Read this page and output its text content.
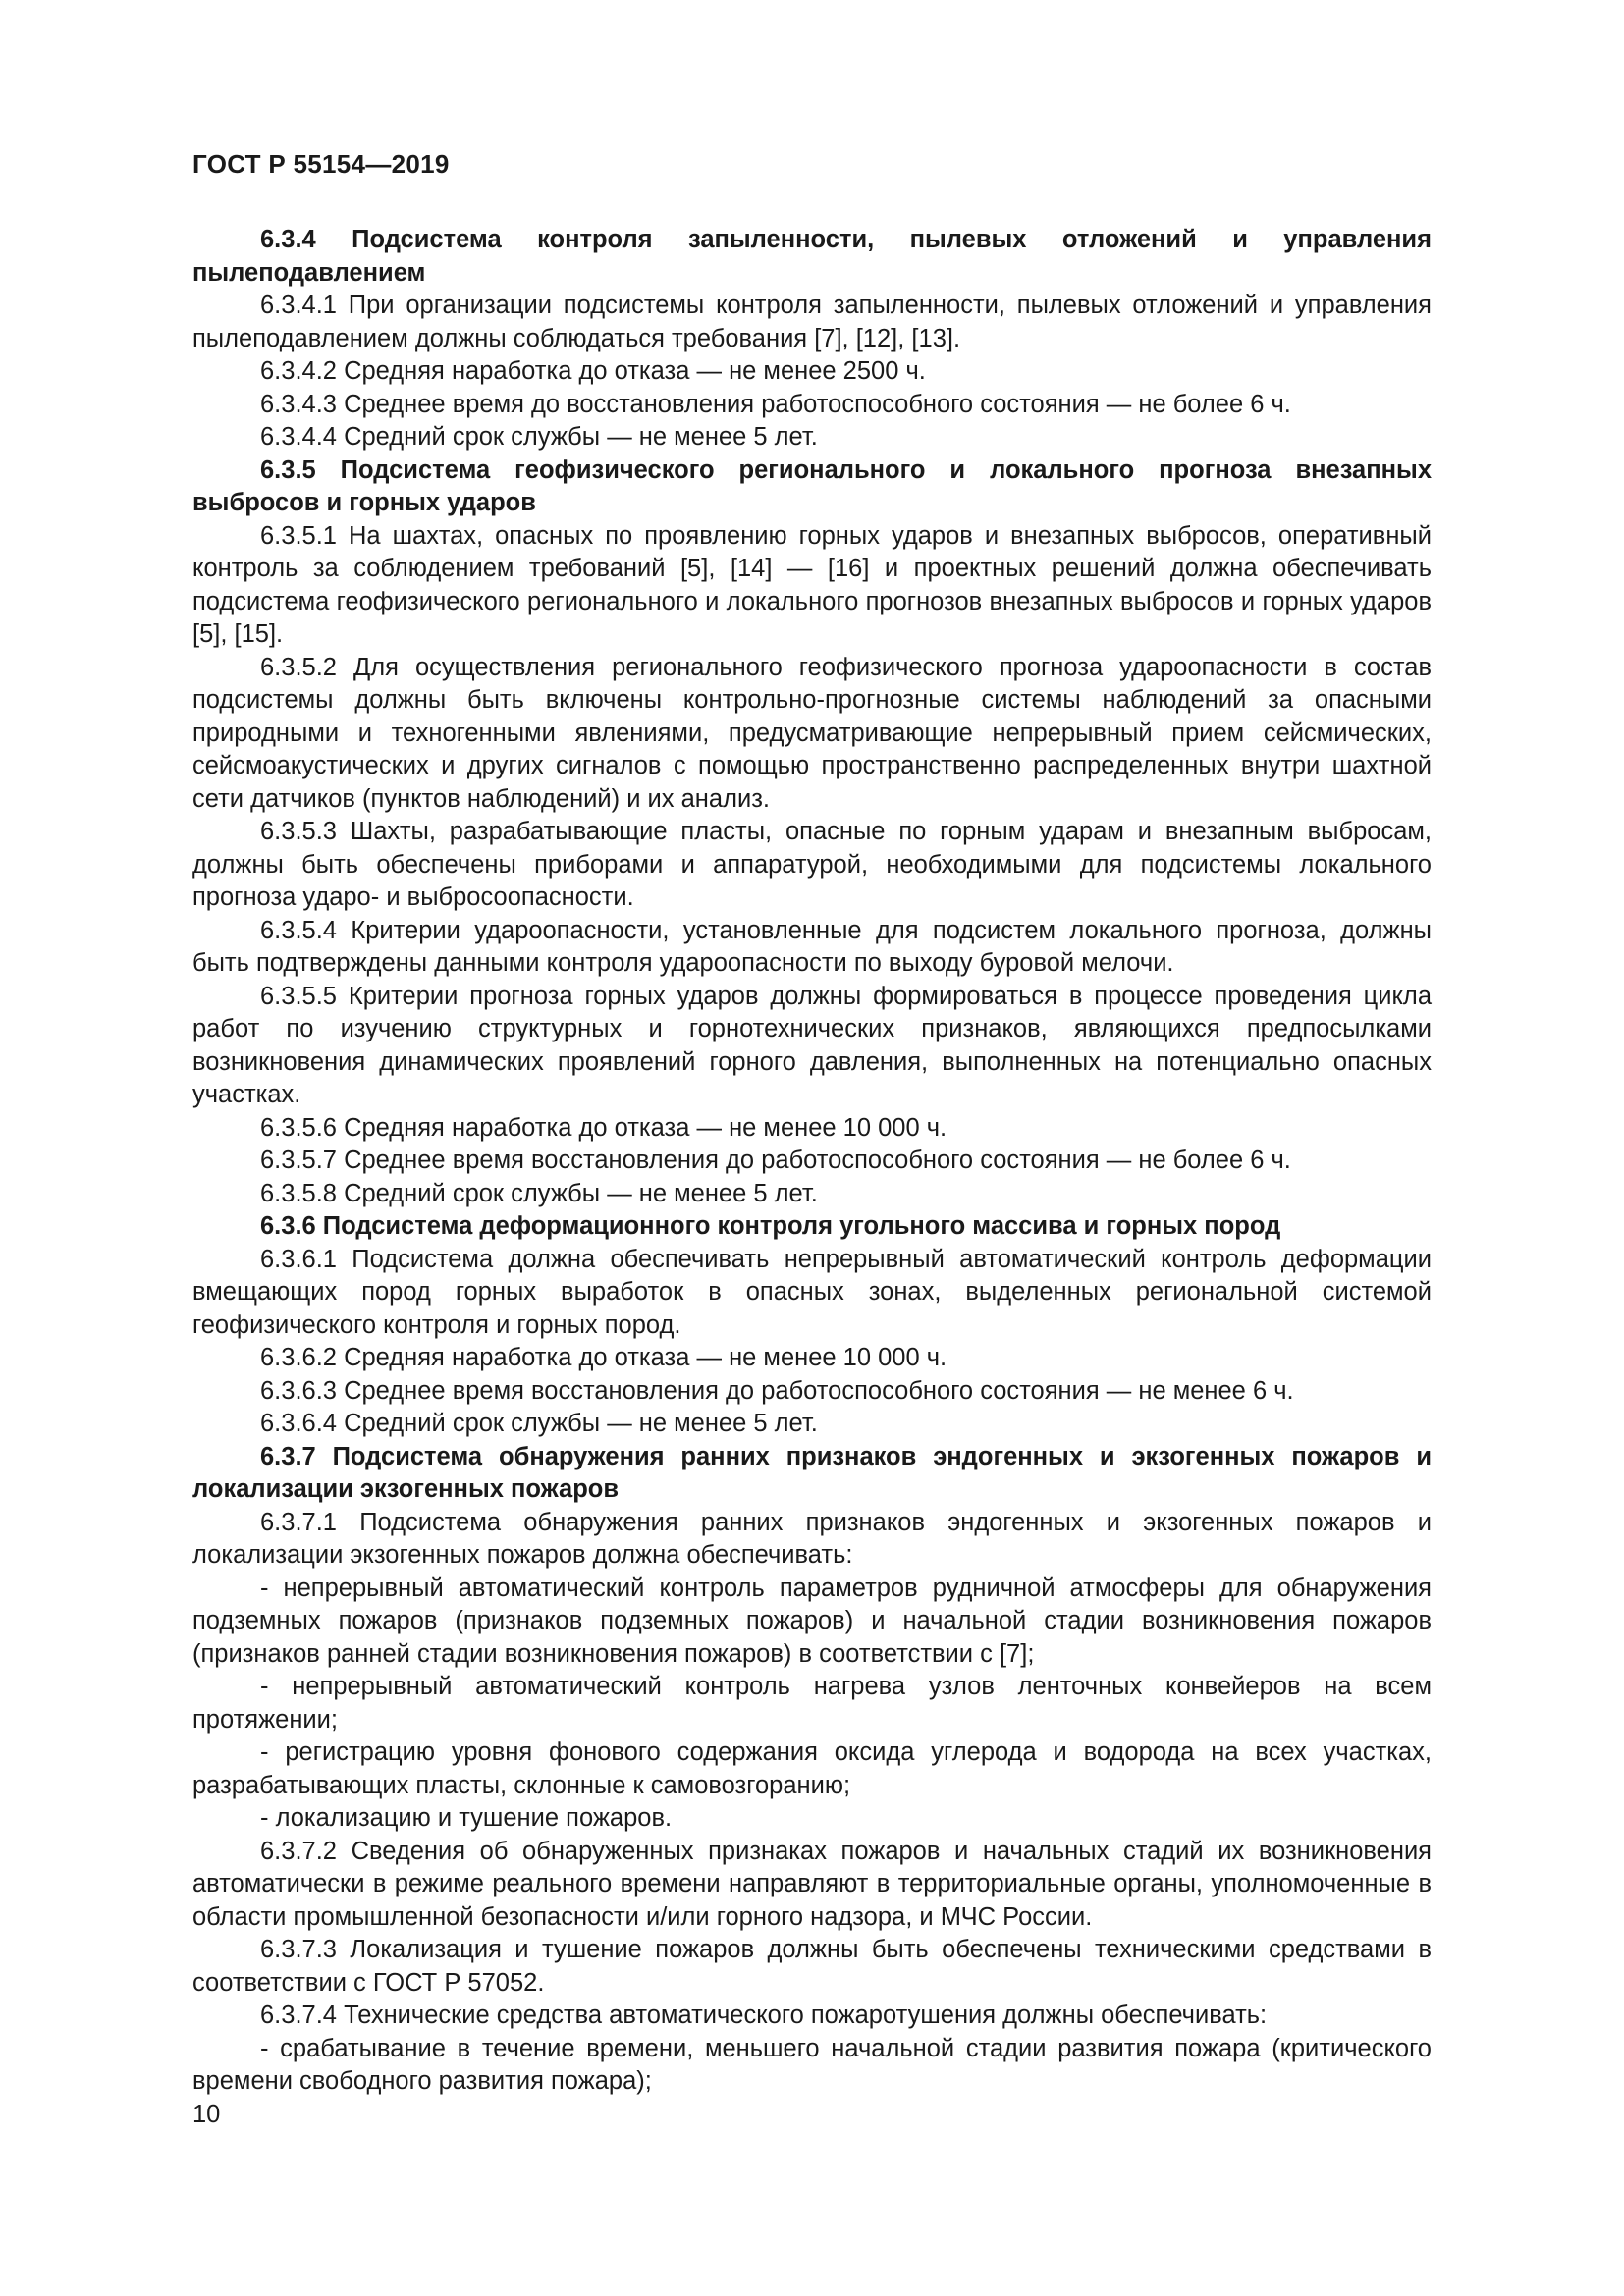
ГОСТ Р 55154—2019

6.3.4 Подсистема контроля запыленности, пылевых отложений и управления пылеподавлением

6.3.4.1 При организации подсистемы контроля запыленности, пылевых отложений и управления пылеподавлением должны соблюдаться требования [7], [12], [13].

6.3.4.2 Средняя наработка до отказа — не менее 2500 ч.

6.3.4.3 Среднее время до восстановления работоспособного состояния — не более 6 ч.

6.3.4.4 Средний срок службы — не менее 5 лет.

6.3.5 Подсистема геофизического регионального и локального прогноза внезапных выбросов и горных ударов

6.3.5.1 На шахтах, опасных по проявлению горных ударов и внезапных выбросов, оперативный контроль за соблюдением требований [5], [14] — [16] и проектных решений должна обеспечивать подсистема геофизического регионального и локального прогнозов внезапных выбросов и горных ударов [5], [15].

6.3.5.2 Для осуществления регионального геофизического прогноза удароопасности в состав подсистемы должны быть включены контрольно-прогнозные системы наблюдений за опасными природными и техногенными явлениями, предусматривающие непрерывный прием сейсмических, сейсмоакустических и других сигналов с помощью пространственно распределенных внутри шахтной сети датчиков (пунктов наблюдений) и их анализ.

6.3.5.3 Шахты, разрабатывающие пласты, опасные по горным ударам и внезапным выбросам, должны быть обеспечены приборами и аппаратурой, необходимыми для подсистемы локального прогноза ударо- и выбросоопасности.

6.3.5.4 Критерии удароопасности, установленные для подсистем локального прогноза, должны быть подтверждены данными контроля удароопасности по выходу буровой мелочи.

6.3.5.5 Критерии прогноза горных ударов должны формироваться в процессе проведения цикла работ по изучению структурных и горнотехнических признаков, являющихся предпосылками возникновения динамических проявлений горного давления, выполненных на потенциально опасных участках.

6.3.5.6 Средняя наработка до отказа — не менее 10 000 ч.

6.3.5.7 Среднее время восстановления до работоспособного состояния — не более 6 ч.

6.3.5.8 Средний срок службы — не менее 5 лет.

6.3.6 Подсистема деформационного контроля угольного массива и горных пород

6.3.6.1 Подсистема должна обеспечивать непрерывный автоматический контроль деформации вмещающих пород горных выработок в опасных зонах, выделенных региональной системой геофизического контроля и горных пород.

6.3.6.2 Средняя наработка до отказа — не менее 10 000 ч.

6.3.6.3 Среднее время восстановления до работоспособного состояния — не менее 6 ч.

6.3.6.4 Средний срок службы — не менее 5 лет.

6.3.7 Подсистема обнаружения ранних признаков эндогенных и экзогенных пожаров и локализации экзогенных пожаров

6.3.7.1 Подсистема обнаружения ранних признаков эндогенных и экзогенных пожаров и локализации экзогенных пожаров должна обеспечивать:

- непрерывный автоматический контроль параметров рудничной атмосферы для обнаружения подземных пожаров (признаков подземных пожаров) и начальной стадии возникновения пожаров (признаков ранней стадии возникновения пожаров) в соответствии с [7];

- непрерывный автоматический контроль нагрева узлов ленточных конвейеров на всем протяжении;

- регистрацию уровня фонового содержания оксида углерода и водорода на всех участках, разрабатывающих пласты, склонные к самовозгоранию;

- локализацию и тушение пожаров.

6.3.7.2 Сведения об обнаруженных признаках пожаров и начальных стадий их возникновения автоматически в режиме реального времени направляют в территориальные органы, уполномоченные в области промышленной безопасности и/или горного надзора, и МЧС России.

6.3.7.3 Локализация и тушение пожаров должны быть обеспечены техническими средствами в соответствии с ГОСТ Р 57052.

6.3.7.4 Технические средства автоматического пожаротушения должны обеспечивать:

- срабатывание в течение времени, меньшего начальной стадии развития пожара (критического времени свободного развития пожара);

10
